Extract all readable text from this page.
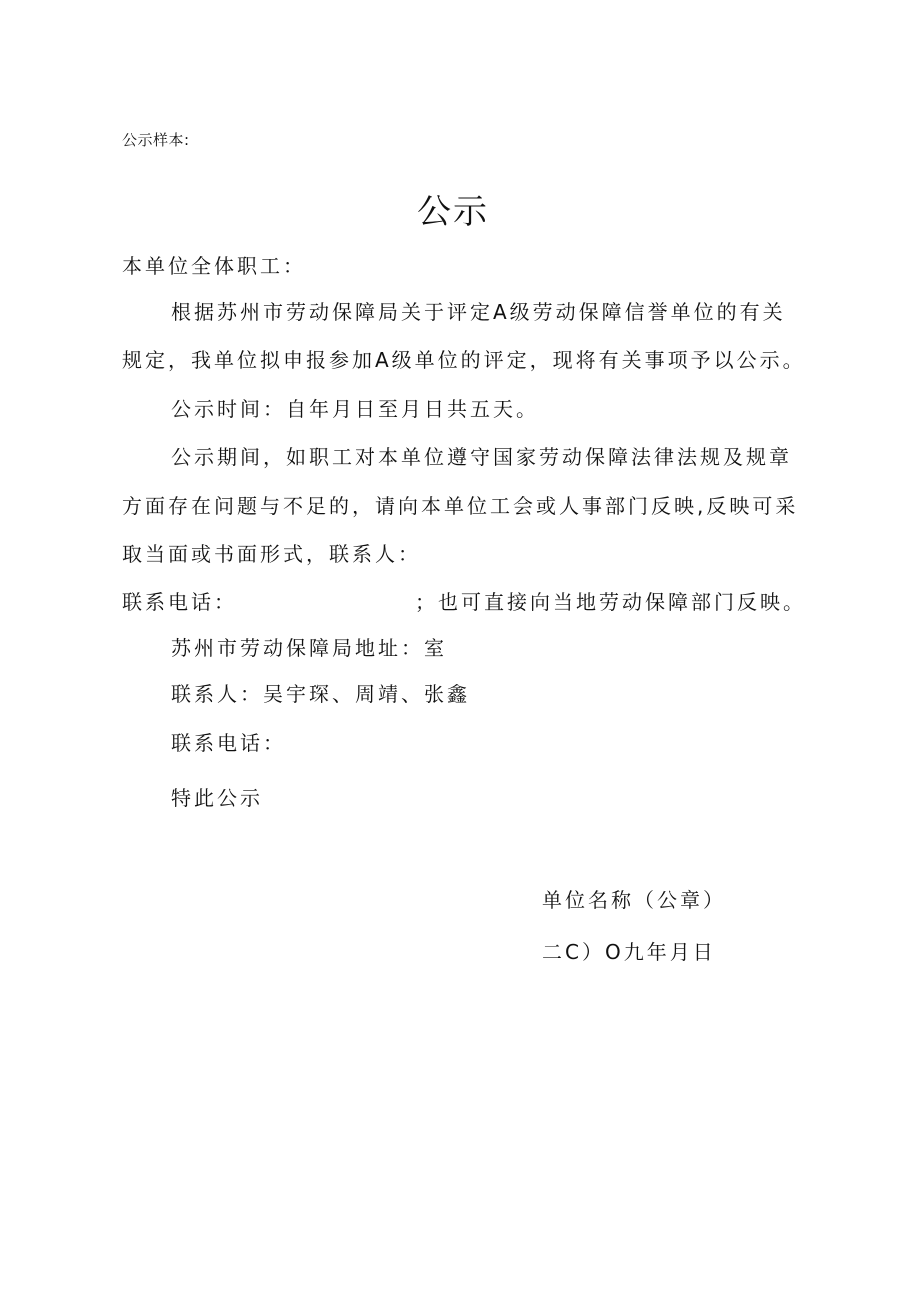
公示样本:
公示
本单位全体职工：
根据苏州市劳动保障局关于评定A级劳动保障信誉单位的有关
规定，我单位拟申报参加A级单位的评定，现将有关事项予以公示。
公示时间：自年月日至月日共五天。
公示期间，如职工对本单位遵守国家劳动保障法律法规及规章
方面存在问题与不足的，请向本单位工会或人事部门反映,反映可采
取当面或书面形式，联系人：
联系电话：	；也可直接向当地劳动保障部门反映。
苏州市劳动保障局地址：室
联系人：吴宇琛、周靖、张鑫
联系电话：
特此公示
单位名称（公章）
二C）O九年月日
